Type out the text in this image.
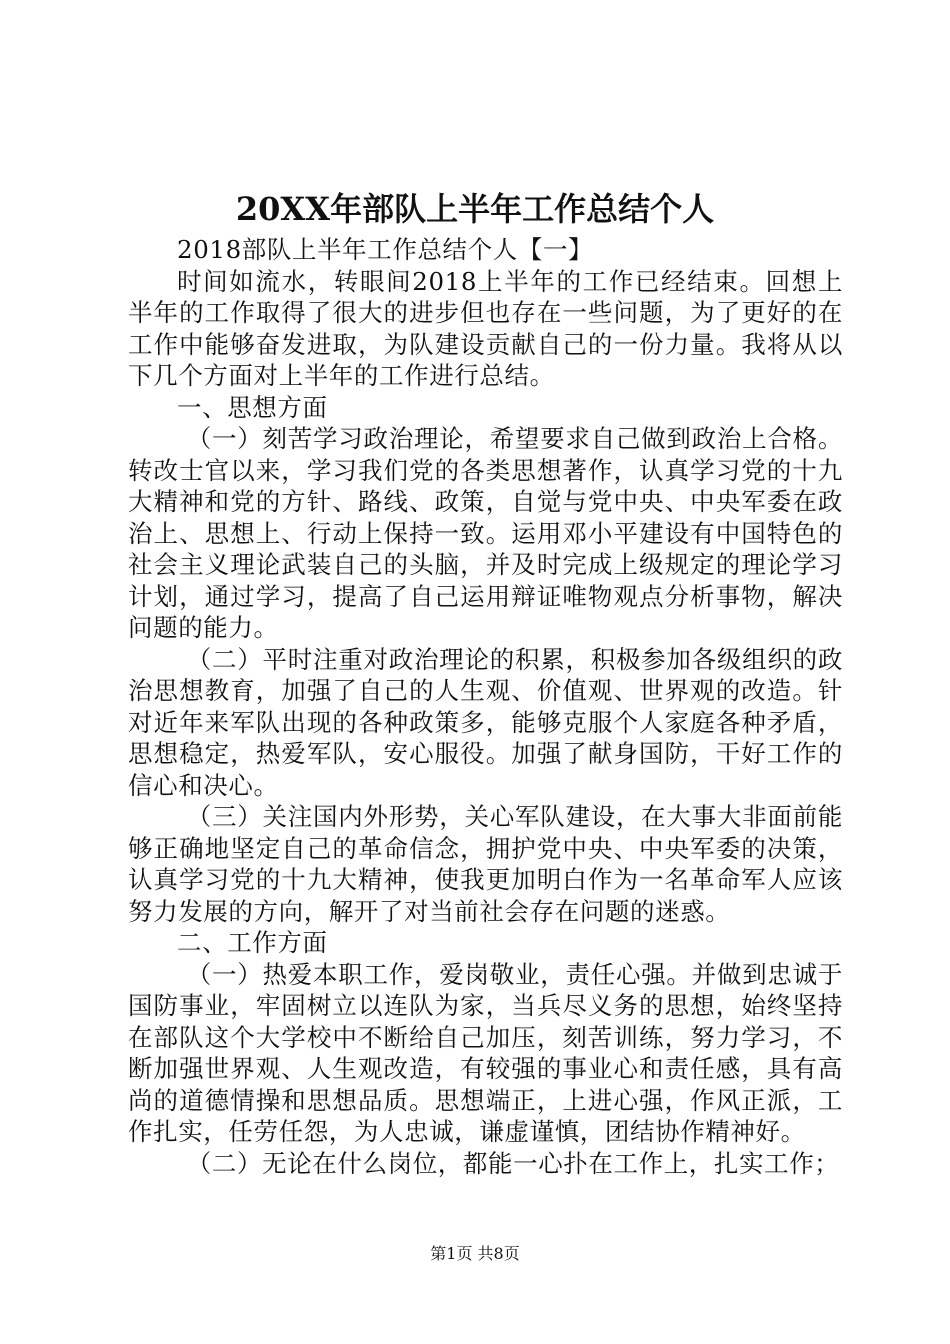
20XX年部队上半年工作总结个人

2018部队上半年工作总结个人【一】

时间如流水，转眼间2018上半年的工作已经结束。回想上半年的工作取得了很大的进步但也存在一些问题，为了更好的在工作中能够奋发进取，为队建设贡献自己的一份力量。我将从以下几个方面对上半年的工作进行总结。

一、思想方面

（一）刻苦学习政治理论，希望要求自己做到政治上合格。转改士官以来，学习我们党的各类思想著作，认真学习党的十九大精神和党的方针、路线、政策，自觉与党中央、中央军委在政治上、思想上、行动上保持一致。运用邓小平建设有中国特色的社会主义理论武装自己的头脑，并及时完成上级规定的理论学习计划，通过学习，提高了自己运用辩证唯物观点分析事物，解决问题的能力。

（二）平时注重对政治理论的积累，积极参加各级组织的政治思想教育，加强了自己的人生观、价值观、世界观的改造。针对近年来军队出现的各种政策多，能够克服个人家庭各种矛盾，思想稳定，热爱军队，安心服役。加强了献身国防，干好工作的信心和决心。

（三）关注国内外形势，关心军队建设，在大事大非面前能够正确地坚定自己的革命信念，拥护党中央、中央军委的决策，认真学习党的十九大精神，使我更加明白作为一名革命军人应该努力发展的方向，解开了对当前社会存在问题的迷惑。

二、工作方面

（一）热爱本职工作，爱岗敬业，责任心强。并做到忠诚于国防事业，牢固树立以连队为家，当兵尽义务的思想，始终坚持在部队这个大学校中不断给自己加压，刻苦训练，努力学习，不断加强世界观、人生观改造，有较强的事业心和责任感，具有高尚的道德情操和思想品质。思想端正，上进心强，作风正派，工作扎实，任劳任怨，为人忠诚，谦虚谨慎，团结协作精神好。

（二）无论在什么岗位，都能一心扑在工作上，扎实工作；

第1页 共8页
